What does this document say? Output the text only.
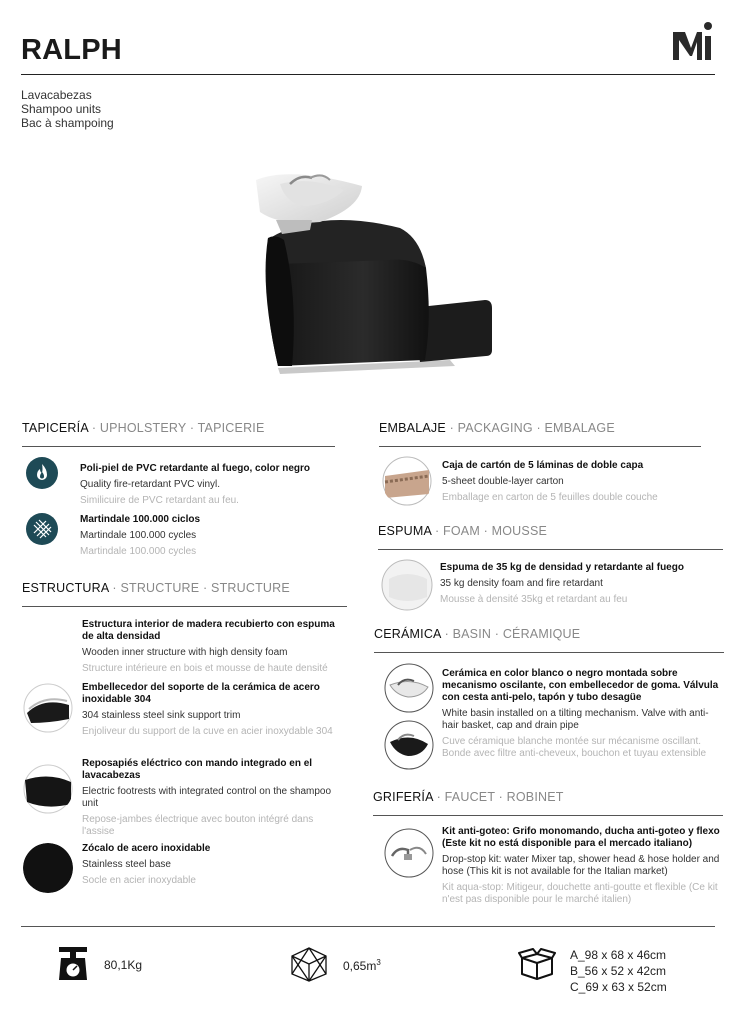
RALPH
Lavacabezas
Shampoo units
Bac à shampoing
TAPICERÍA · UPHOLSTERY · TAPICERIE
Poli-piel de PVC retardante al fuego, color negro
Quality fire-retardant PVC vinyl.
Similicuire de PVC retardant au feu.
Martindale 100.000 ciclos
Martindale 100.000 cycles
Martindale 100.000 cycles
ESTRUCTURA · STRUCTURE · STRUCTURE
Estructura interior de madera recubierto con espuma de alta densidad
Wooden inner structure with high density foam
Structure intérieure en bois et mousse de haute densité
Embellecedor del soporte de la cerámica de acero inoxidable 304
304 stainless steel sink support trim
Enjoliveur du support de la cuve en acier inoxydable 304
Reposapiés eléctrico con mando integrado en el lavacabezas
Electric footrests with integrated control on the shampoo unit
Repose-jambes électrique avec bouton intégré dans l'assise
Zócalo de acero inoxidable
Stainless steel base
Socle en acier inoxydable
EMBALAJE · PACKAGING · EMBALAGE
Caja de cartón de 5 láminas de doble capa
5-sheet double-layer carton
Emballage en carton de 5 feuilles double couche
ESPUMA · FOAM · MOUSSE
Espuma de 35 kg de densidad y retardante al fuego
35 kg density foam and fire retardant
Mousse à densité 35kg et retardant au feu
CERÁMICA · BASIN · CÉRAMIQUE
Cerámica en color blanco o negro montada sobre mecanismo oscilante, con embellecedor de goma. Válvula con cesta anti-pelo, tapón y tubo desagüe
White basin installed on a tilting mechanism. Valve with anti-hair basket, cap and drain pipe
Cuve céramique blanche montée sur mécanisme oscillant. Bonde avec filtre anti-cheveux, bouchon et tuyau extensible
GRIFERÍA · FAUCET · ROBINET
Kit anti-goteo: Grifo monomando, ducha anti-goteo y flexo (Este kit no está disponible para el mercado italiano)
Drop-stop kit: water Mixer tap, shower head & hose holder and hose (This kit is not available for the Italian market)
Kit aqua-stop: Mitigeur, douchette anti-goutte et flexible (Ce kit n'est pas disponible pour le marché italien)
80,1Kg	$0,65m^3$
A_98 x 68 x 46cm
B_56 x 52 x 42cm
C_69 x 63 x 52cm
